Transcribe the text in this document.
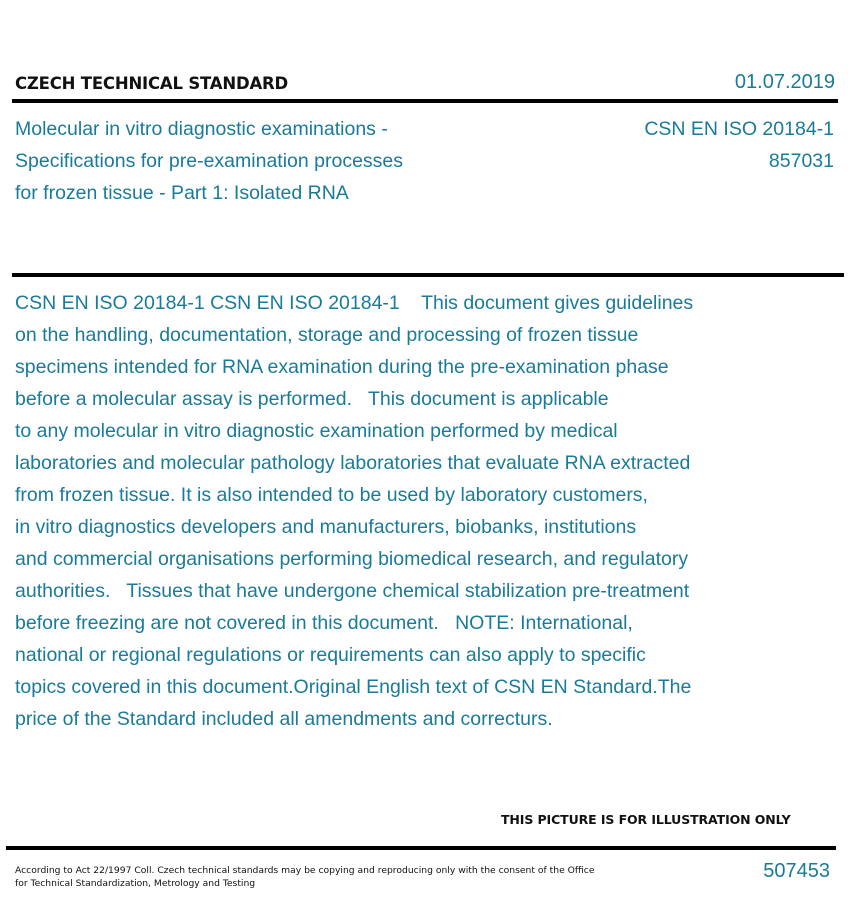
CZECH TECHNICAL STANDARD	01.07.2019
Molecular in vitro diagnostic examinations -
Specifications for pre-examination processes
for frozen tissue - Part 1: Isolated RNA
CSN EN ISO 20184-1
857031
CSN EN ISO 20184-1 CSN EN ISO 20184-1    This document gives guidelines
on the handling, documentation, storage and processing of frozen tissue
specimens intended for RNA examination during the pre-examination phase
before a molecular assay is performed.   This document is applicable
to any molecular in vitro diagnostic examination performed by medical
laboratories and molecular pathology laboratories that evaluate RNA extracted
from frozen tissue. It is also intended to be used by laboratory customers,
in vitro diagnostics developers and manufacturers, biobanks, institutions
and commercial organisations performing biomedical research, and regulatory
authorities.   Tissues that have undergone chemical stabilization pre-treatment
before freezing are not covered in this document.   NOTE: International,
national or regional regulations or requirements can also apply to specific
topics covered in this document.Original English text of CSN EN Standard.The
price of the Standard included all amendments and correcturs.
THIS PICTURE IS FOR ILLUSTRATION ONLY
According to Act 22/1997 Coll. Czech technical standards may be copying and reproducing only with the consent of the Office
for Technical Standardization, Metrology and Testing
507453
